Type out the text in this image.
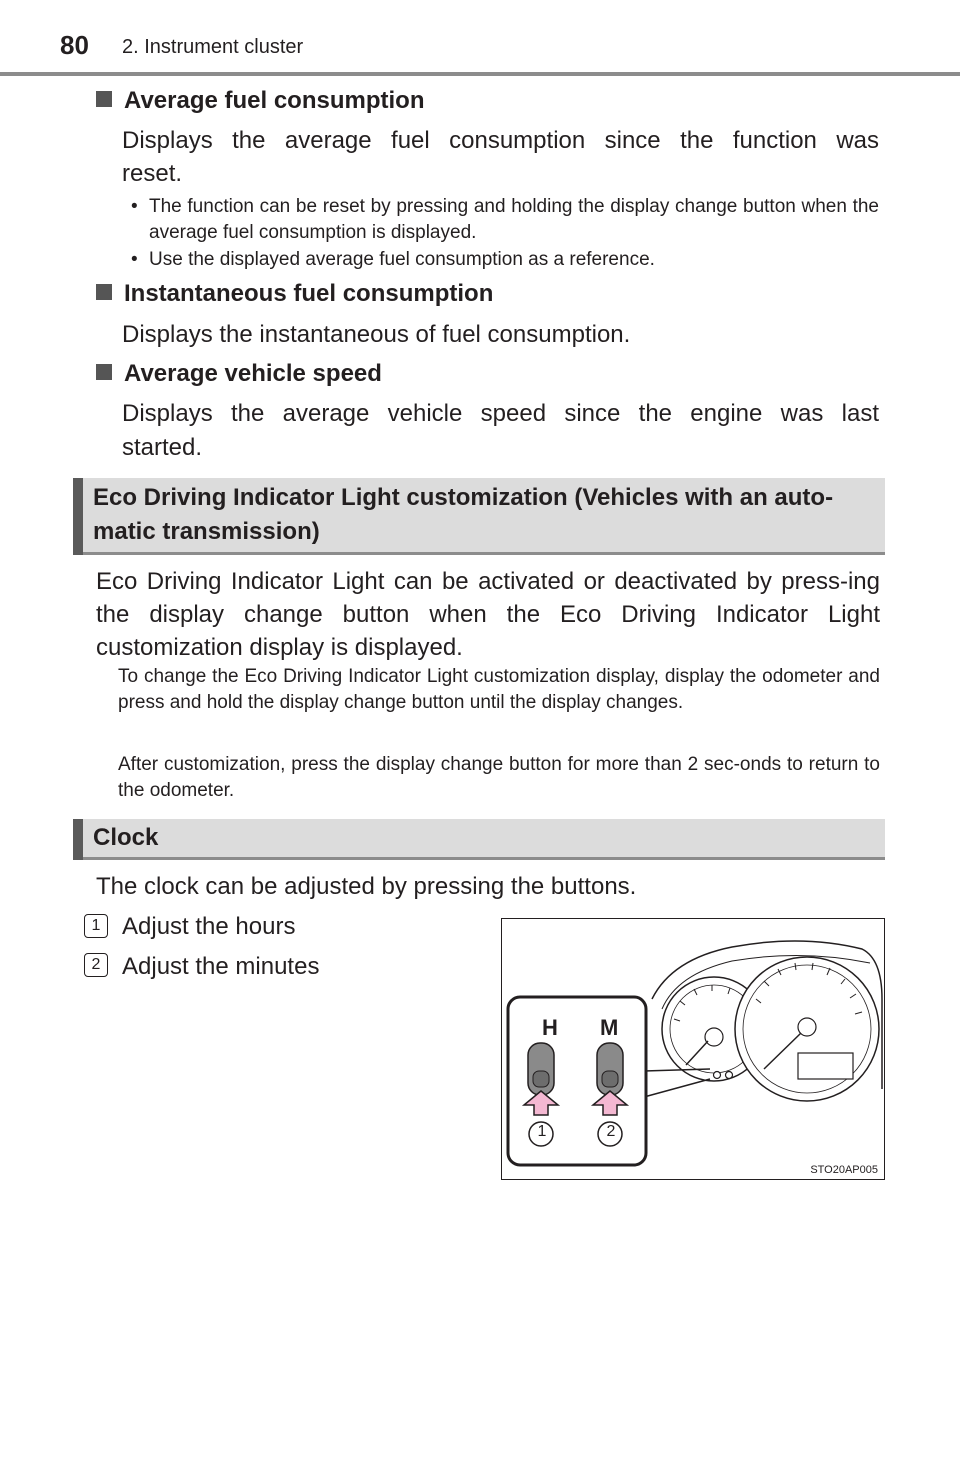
80 2. Instrument cluster
Average fuel consumption
Displays the average fuel consumption since the function was
reset.
• The function can be reset by pressing and holding the display change button when the average fuel consumption is displayed.
• Use the displayed average fuel consumption as a reference.
Instantaneous fuel consumption
Displays the instantaneous of fuel consumption.
Average vehicle speed
Displays the average vehicle speed since the engine was last
started.
Eco Driving Indicator Light customization (Vehicles with an auto-
matic transmission)
Eco Driving Indicator Light can be activated or deactivated by press-ing the display change button when the Eco Driving Indicator Light customization display is displayed.
To change the Eco Driving Indicator Light customization display, display the odometer and press and hold the display change button until the display changes.
After customization, press the display change button for more than 2 sec-onds to return to the odometer.
Clock
The clock can be adjusted by pressing the buttons.
1 Adjust the hours
2 Adjust the minutes
H M
1	2
STO20AP005
